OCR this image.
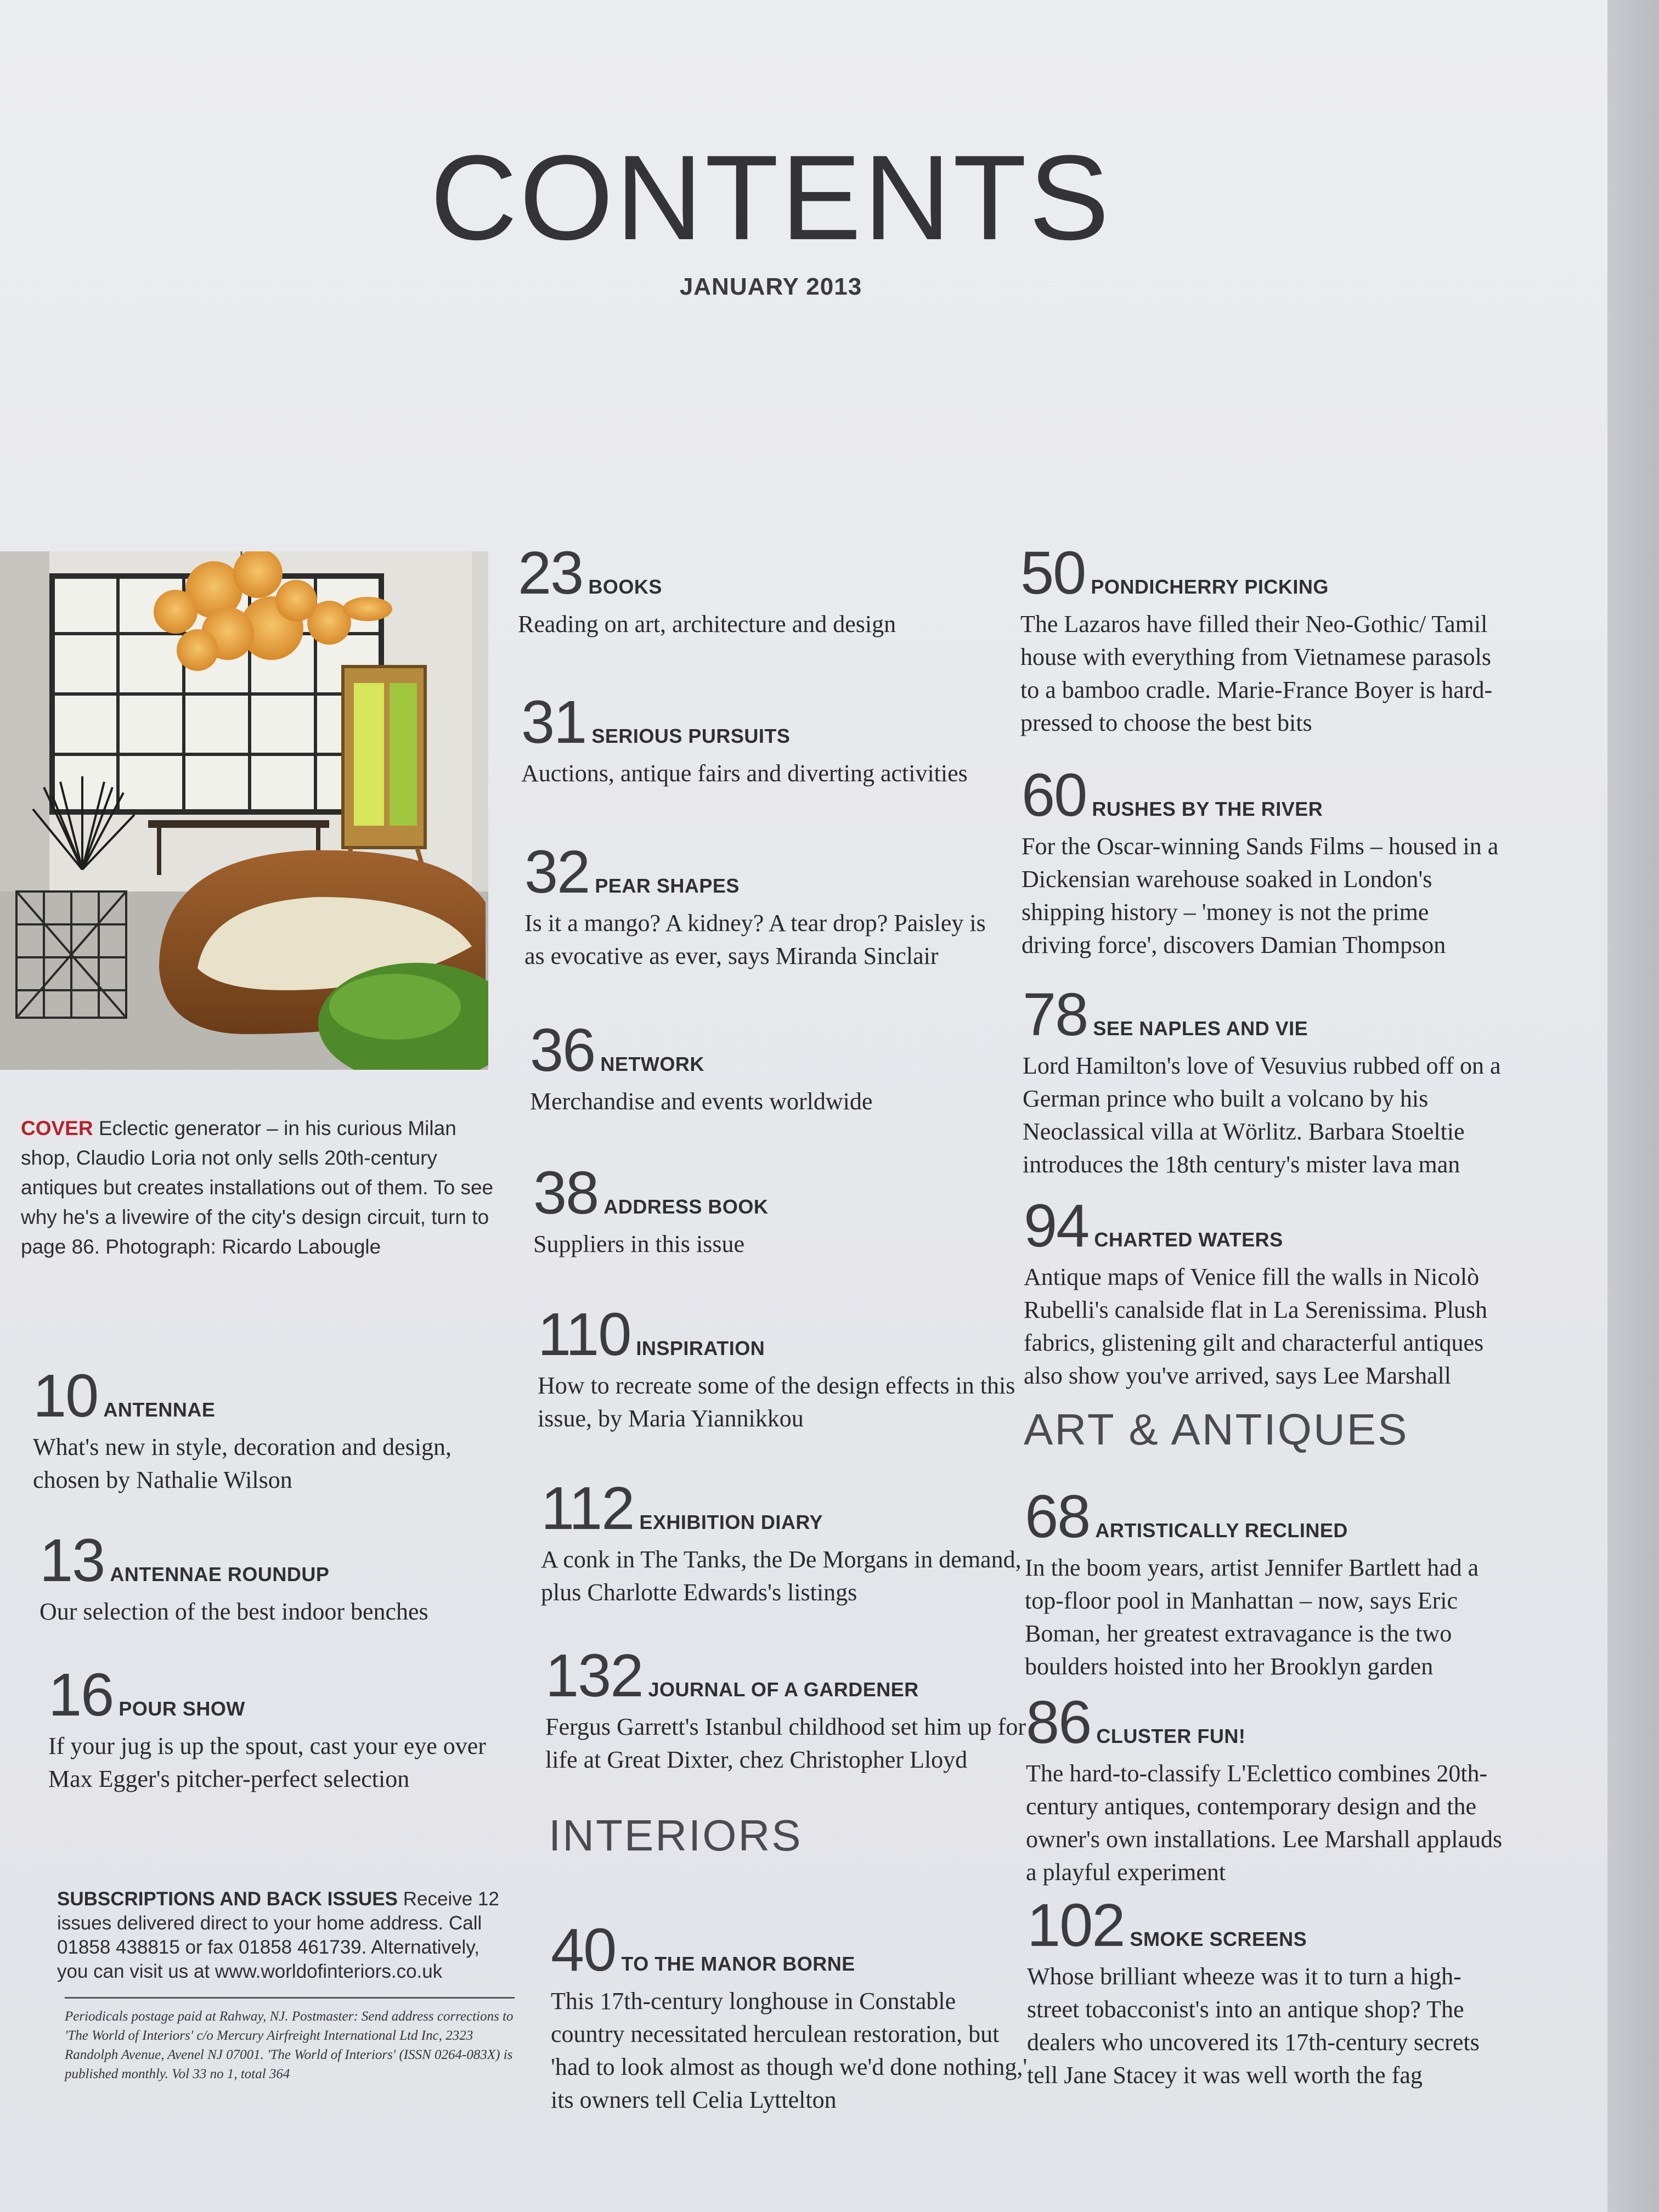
CONTENTS
JANUARY 2013
COVER Eclectic generator – in his curious Milan shop, Claudio Loria not only sells 20th-century antiques but creates installations out of them. To see why he's a livewire of the city's design circuit, turn to page 86. Photograph: Ricardo Labougle
10 ANTENNAE
What's new in style, decoration and design, chosen by Nathalie Wilson
13 ANTENNAE ROUNDUP
Our selection of the best indoor benches
16 POUR SHOW
If your jug is up the spout, cast your eye over Max Egger's pitcher-perfect selection
23 BOOKS
Reading on art, architecture and design
31 SERIOUS PURSUITS
Auctions, antique fairs and diverting activities
32 PEAR SHAPES
Is it a mango? A kidney? A tear drop? Paisley is as evocative as ever, says Miranda Sinclair
36 NETWORK
Merchandise and events worldwide
38 ADDRESS BOOK
Suppliers in this issue
110 INSPIRATION
How to recreate some of the design effects in this issue, by Maria Yiannikkou
112 EXHIBITION DIARY
A conk in The Tanks, the De Morgans in demand, plus Charlotte Edwards's listings
132 JOURNAL OF A GARDENER
Fergus Garrett's Istanbul childhood set him up for life at Great Dixter, chez Christopher Lloyd
INTERIORS
40 TO THE MANOR BORNE
This 17th-century longhouse in Constable country necessitated herculean restoration, but 'had to look almost as though we'd done nothing,' its owners tell Celia Lyttelton
50 PONDICHERRY PICKING
The Lazaros have filled their Neo-Gothic/ Tamil house with everything from Vietnamese parasols to a bamboo cradle. Marie-France Boyer is hard-pressed to choose the best bits
60 RUSHES BY THE RIVER
For the Oscar-winning Sands Films – housed in a Dickensian warehouse soaked in London's shipping history – 'money is not the prime driving force', discovers Damian Thompson
78 SEE NAPLES AND VIE
Lord Hamilton's love of Vesuvius rubbed off on a German prince who built a volcano by his Neoclassical villa at Wörlitz. Barbara Stoeltie introduces the 18th century's mister lava man
94 CHARTED WATERS
Antique maps of Venice fill the walls in Nicolò Rubelli's canalside flat in La Serenissima. Plush fabrics, glistening gilt and characterful antiques also show you've arrived, says Lee Marshall
ART & ANTIQUES
68 ARTISTICALLY RECLINED
In the boom years, artist Jennifer Bartlett had a top-floor pool in Manhattan – now, says Eric Boman, her greatest extravagance is the two boulders hoisted into her Brooklyn garden
86 CLUSTER FUN!
The hard-to-classify L'Eclettico combines 20th-century antiques, contemporary design and the owner's own installations. Lee Marshall applauds a playful experiment
102 SMOKE SCREENS
Whose brilliant wheeze was it to turn a high-street tobacconist's into an antique shop? The dealers who uncovered its 17th-century secrets tell Jane Stacey it was well worth the fag
SUBSCRIPTIONS AND BACK ISSUES Receive 12 issues delivered direct to your home address. Call 01858 438815 or fax 01858 461739. Alternatively, you can visit us at www.worldofinteriors.co.uk
Periodicals postage paid at Rahway, NJ. Postmaster: Send address corrections to 'The World of Interiors' c/o Mercury Airfreight International Ltd Inc, 2323 Randolph Avenue, Avenel NJ 07001. 'The World of Interiors' (ISSN 0264-083X) is published monthly. Vol 33 no 1, total 364
